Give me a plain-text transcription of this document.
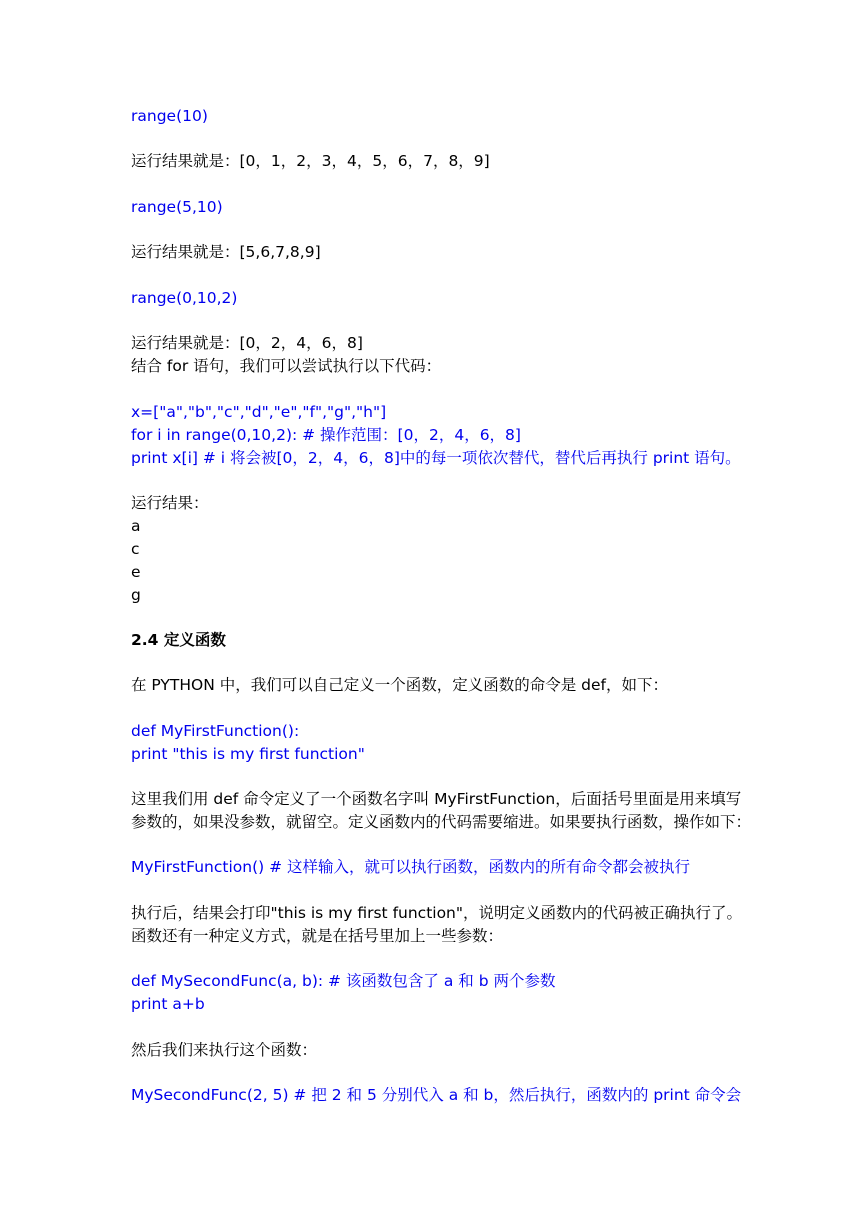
range(10)
运行结果就是：[0，1，2，3，4，5，6，7，8，9]
range(5,10)
运行结果就是：[5,6,7,8,9]
range(0,10,2)
运行结果就是：[0，2，4，6，8]
结合 for 语句，我们可以尝试执行以下代码：
x=["a","b","c","d","e","f","g","h"]
for i in range(0,10,2): # 操作范围：[0，2，4，6，8]
print x[i] # i 将会被[0，2，4，6，8]中的每一项依次替代，替代后再执行 print 语句。
运行结果：
a
c
e
g
2.4 定义函数
在 PYTHON 中，我们可以自己定义一个函数，定义函数的命令是 def，如下：
def MyFirstFunction():
print "this is my first function"
这里我们用 def 命令定义了一个函数名字叫 MyFirstFunction，后面括号里面是用来填写
参数的，如果没参数，就留空。定义函数内的代码需要缩进。如果要执行函数，操作如下：
MyFirstFunction() # 这样输入，就可以执行函数，函数内的所有命令都会被执行
执行后，结果会打印"this is my first function"，说明定义函数内的代码被正确执行了。
函数还有一种定义方式，就是在括号里加上一些参数：
def MySecondFunc(a, b): # 该函数包含了 a 和 b 两个参数
print a+b
然后我们来执行这个函数：
MySecondFunc(2, 5) # 把 2 和 5 分别代入 a 和 b，然后执行，函数内的 print 命令会
